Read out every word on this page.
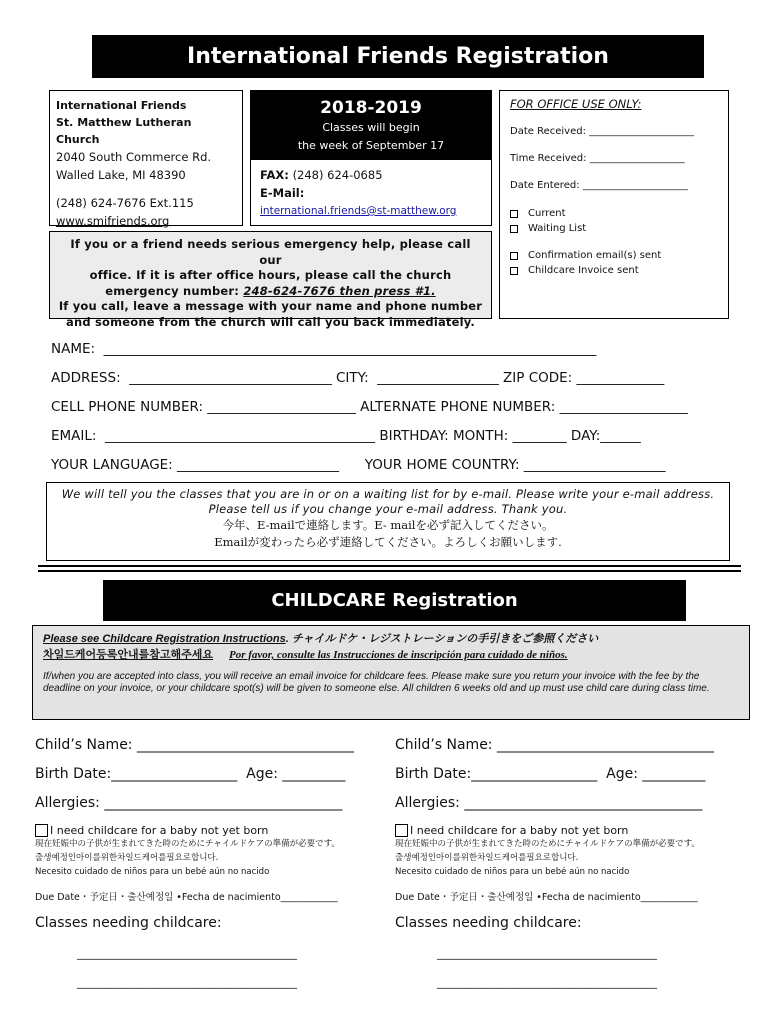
International Friends Registration
International Friends
St. Matthew Lutheran Church
2040 South Commerce Rd.
Walled Lake, MI 48390
(248) 624-7676 Ext.115
www.smifriends.org
2018-2019
Classes will begin
the week of September 17
FAX: (248) 624-0685
E-Mail:
international.friends@st-matthew.org
FOR OFFICE USE ONLY:
Date Received: _____________________
Time Received: ___________________
Date Entered: _____________________
Current
Waiting List
Confirmation email(s) sent
Childcare Invoice sent
If you or a friend needs serious emergency help, please call our
office. If it is after office hours, please call the church
emergency number: 248-624-7676 then press #1.
If you call, leave a message with your name and phone number
and someone from the church will call you back immediately.
NAME:  _________________________________________________________________________
ADDRESS:  ______________________________ CITY:  __________________ ZIP CODE: _____________
CELL PHONE NUMBER: ______________________ ALTERNATE PHONE NUMBER: ___________________
EMAIL:  ________________________________________ BIRTHDAY: MONTH: ________ DAY:______
YOUR LANGUAGE: ________________________      YOUR HOME COUNTRY: _____________________
We will tell you the classes that you are in or on a waiting list for by e-mail. Please write your e-mail address.
Please tell us if you change your e-mail address. Thank you.
今年、E-mailで連絡します。E- mailを必ず記入してください。
Emailが変わったら必ず連絡してください。よろしくお願いします.
CHILDCARE Registration
Please see Childcare Registration Instructions. チャイルドケ・レジストレーションの手引きをご参照ください
차일드케어등록안내를참고해주세요 Por favor, consulte las Instrucciones de inscripción para cuidado de niños.
If/when you are accepted into class, you will receive an email invoice for childcare fees. Please make sure you return your invoice with the fee by the deadline on your invoice, or your childcare spot(s) will be given to someone else. All children 6 weeks old and up must use child care during class time.
Child’s Name: _______________________________
Birth Date:__________________  Age: _________
Allergies: __________________________________
I need childcare for a baby not yet born
現在妊娠中の子供が生まれてきた時のためにチャイルドケアの準備が必要です。
출생예정인아이를위한차일드케어를필요로합니다.
Necesito cuidado de niños para un bebé aún no nacido
Due Date・予定日・출산예정일 •Fecha de nacimiento____________
Classes needing childcare:
________________________________________
________________________________________
Child’s Name: _______________________________
Birth Date:__________________  Age: _________
Allergies: __________________________________
I need childcare for a baby not yet born
現在妊娠中の子供が生まれてきた時のためにチャイルドケアの準備が必要です。
출생예정인아이를위한차일드케어를필요로합니다.
Necesito cuidado de niños para un bebé aún no nacido
Due Date・予定日・출산예정일 •Fecha de nacimiento____________
Classes needing childcare:
________________________________________
________________________________________
